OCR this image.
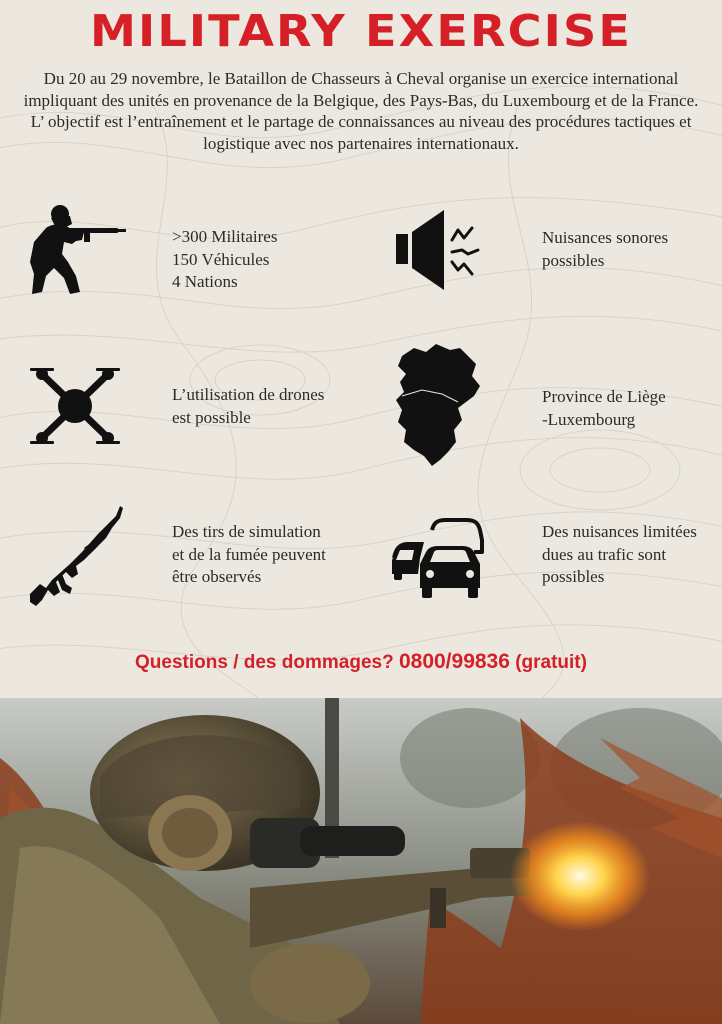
MILITARY EXERCISE

Du 20 au 29 novembre, le Bataillon de Chasseurs à Cheval organise un exercice international impliquant des unités en provenance de la Belgique, des Pays-Bas, du Luxembourg et de la France. L’ objectif est l’entraînement et le partage de connaissances au niveau des procédures tactiques et logistique avec nos partenaires internationaux.

>300 Militaires
150 Véhicules
4 Nations
Nuisances sonores
possibles
L’utilisation de drones
est possible
Province de Liège
-Luxembourg
Des tirs de simulation
et de la fumée peuvent
être observés
Des nuisances limitées
dues au trafic sont
possibles
Questions / des dommages? 0800/99836 (gratuit)
